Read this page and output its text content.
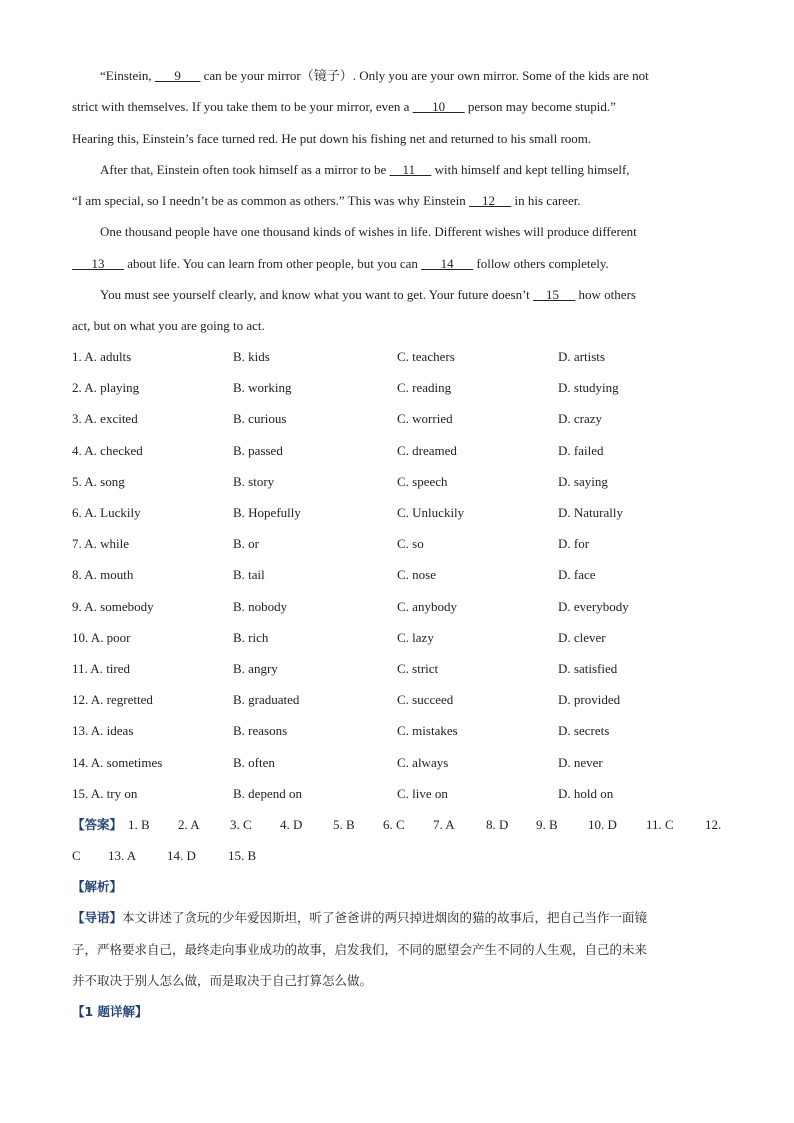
“Einstein,       9       can be your mirror（镜子）. Only you are your own mirror. Some of the kids are not
strict with themselves. If you take them to be your mirror, even a       10       person may become stupid.”
Hearing this, Einstein’s face turned red. He put down his fishing net and returned to his small room.
After that, Einstein often took himself as a mirror to be     11      with himself and kept telling himself,
“I am special, so I needn’t be as common as others.” This was why Einstein     12      in his career.
One thousand people have one thousand kinds of wishes in life. Different wishes will produce different
13       about life. You can learn from other people, but you can       14       follow others completely.
You must see yourself clearly, and know what you want to get. Your future doesn’t     15      how others
act, but on what you are going to act.
1. A. adults	B. kids	C. teachers	D. artists
2. A. playing	B. working	C. reading	D. studying
3. A. excited	B. curious	C. worried	D. crazy
4. A. checked	B. passed	C. dreamed	D. failed
5. A. song	B. story	C. speech	D. saying
6. A. Luckily	B. Hopefully	C. Unluckily	D. Naturally
7. A. while	B. or	C. so	D. for
8. A. mouth	B. tail	C. nose	D. face
9. A. somebody	B. nobody	C. anybody	D. everybody
10. A. poor	B. rich	C. lazy	D. clever
11. A. tired	B. angry	C. strict	D. satisfied
12. A. regretted	B. graduated	C. succeed	D. provided
13. A. ideas	B. reasons	C. mistakes	D. secrets
14. A. sometimes	B. often	C. always	D. never
15. A. try on	B. depend on	C. live on	D. hold on
【答案】 1. B 2. A 3. C 4. D 5. B 6. C 7. A 8. D 9. B 10. D 11. C 12.
C 13. A 14. D 15. B
【解析】
【导语】本文讲述了贪玩的少年爱因斯坦，听了爸爸讲的两只掉进烟囱的猫的故事后，把自己当作一面镜
子，严格要求自己，最终走向事业成功的故事，启发我们，不同的愿望会产生不同的人生观，自己的未来
并不取决于别人怎么做，而是取决于自己打算怎么做。
【1 题详解】
